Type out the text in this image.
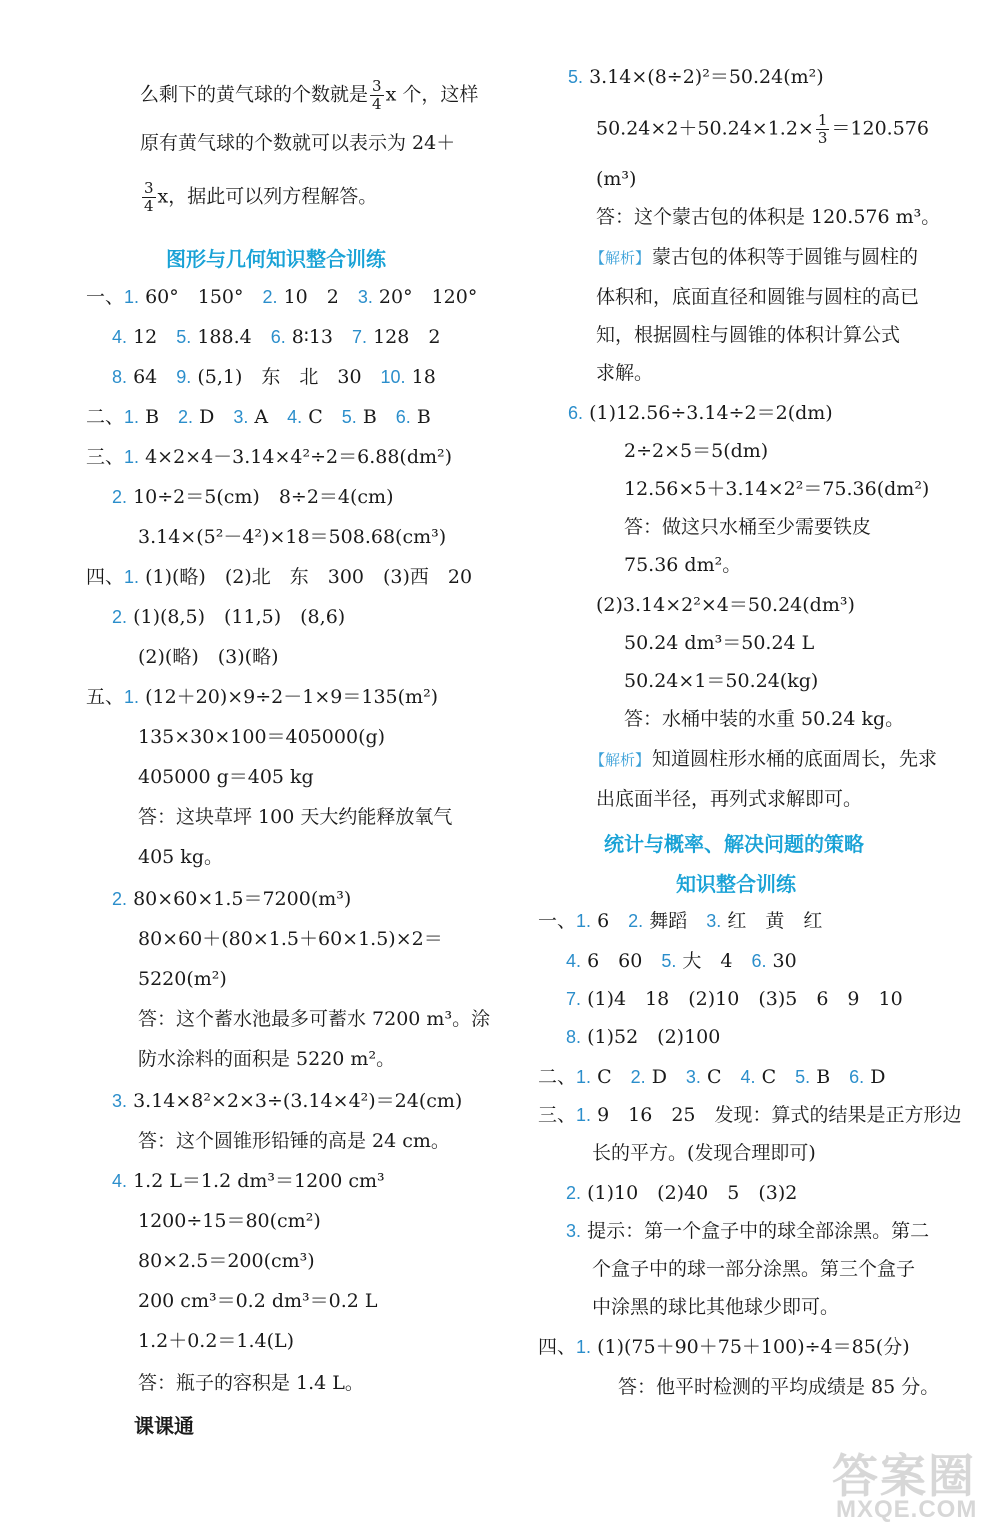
么剩下的黄气球的个数就是 $\frac{3}{4}$ x 个，这样
原有黄气球的个数就可以表示为 24＋
$\frac{3}{4}$ x，据此可以列方程解答。
图形与几何知识整合训练
一、1. 60°　150°　2. 10　2　3. 20°　120°
4. 12　5. 188.4　6. 8∶13　7. 128　2
8. 64　9. (5,1)　东　北　30　10. 18
二、1. B　2. D　3. A　4. C　5. B　6. B
三、1. 4×2×4－3.14×4²÷2＝6.88(dm²)
2. 10÷2＝5(cm)　8÷2＝4(cm)
3.14×(5²－4²)×18＝508.68(cm³)
四、1. (1)(略)　(2)北　东　300　(3)西　20
2. (1)(8,5)　(11,5)　(8,6)
(2)(略)　(3)(略)
五、1. (12＋20)×9÷2－1×9＝135(m²)
135×30×100＝405000(g)
405000 g＝405 kg
答：这块草坪 100 天大约能释放氧气
405 kg。
2. 80×60×1.5＝7200(m³)
80×60＋(80×1.5＋60×1.5)×2＝
5220(m²)
答：这个蓄水池最多可蓄水 7200 m³。涂
防水涂料的面积是 5220 m²。
3. 3.14×8²×2×3÷(3.14×4²)＝24(cm)
答：这个圆锥形铅锤的高是 24 cm。
4. 1.2 L＝1.2 dm³＝1200 cm³
1200÷15＝80(cm²)
80×2.5＝200(cm³)
200 cm³＝0.2 dm³＝0.2 L
1.2＋0.2＝1.4(L)
答：瓶子的容积是 1.4 L。
课课通
5. 3.14×(8÷2)²＝50.24(m²)
$50.24\times 2+50.24\times 1.2\times \frac{1}{3} =120.576$
(m³)
答：这个蒙古包的体积是 120.576 m³。
【解析】 蒙古包的体积等于圆锥与圆柱的
体积和，底面直径和圆锥与圆柱的高已
知，根据圆柱与圆锥的体积计算公式
求解。
6. (1)12.56÷3.14÷2＝2(dm)
2÷2×5＝5(dm)
12.56×5＋3.14×2²＝75.36(dm²)
答：做这只水桶至少需要铁皮
75.36 dm²。
(2)3.14×2²×4＝50.24(dm³)
50.24 dm³＝50.24 L
50.24×1＝50.24(kg)
答：水桶中装的水重 50.24 kg。
【解析】 知道圆柱形水桶的底面周长，先求
出底面半径，再列式求解即可。
统计与概率、解决问题的策略
知识整合训练
一、1. 6　2. 舞蹈　3. 红　黄　红
4. 6　60　5. 大　4　6. 30
7. (1)4　18　(2)10　(3)5　6　9　10
8. (1)52　(2)100
二、1. C　2. D　3. C　4. C　5. B　6. D
三、1. 9　16　25　发现：算式的结果是正方形边
长的平方。(发现合理即可)
2. (1)10　(2)40　5　(3)2
3. 提示：第一个盒子中的球全部涂黑。第二
个盒子中的球一部分涂黑。第三个盒子
中涂黑的球比其他球少即可。
四、1. (1)(75＋90＋75＋100)÷4＝85(分)
答：他平时检测的平均成绩是 85 分。
答案圈
MXQE.COM
